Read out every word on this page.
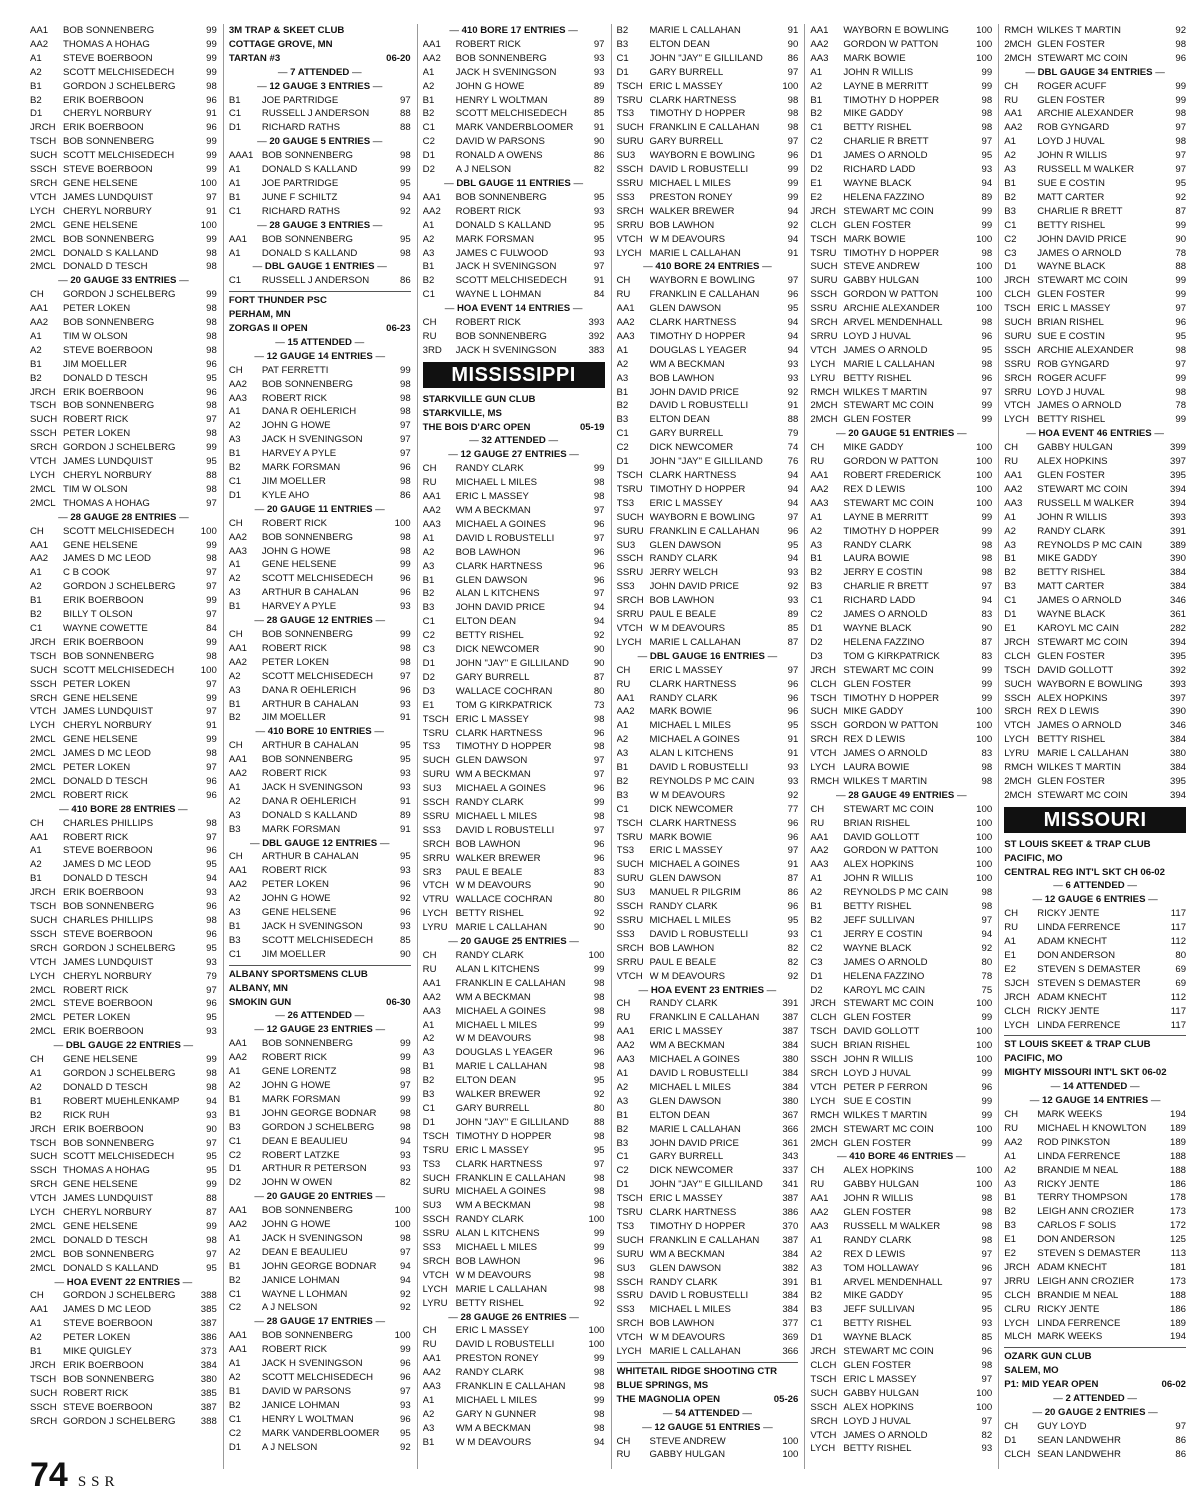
AA1	BOB SONNENBERG	99
AA2	THOMAS A HOHAG	99
A1	STEVE BOERBOON	99
A2	SCOTT MELCHISEDECH	99
B1	GORDON J SCHELBERG	98
B2	ERIK BOERBOON	96
D1	CHERYL NORBURY	91
JRCH ERIK BOERBOON	96
TSCH BOB SONNENBERG	99
SUCH SCOTT MELCHISEDECH	99
SSCH STEVE BOERBOON	99
SRCH GENE HELSENE	100
VTCH JAMES LUNDQUIST	97
LYCH CHERYL NORBURY	91
2MCL GENE HELSENE	100
2MCL BOB SONNENBERG	99
2MCL DONALD S KALLAND	98
2MCL DONALD D TESCH	98
— 20 GAUGE 33 ENTRIES —
CH	GORDON J SCHELBERG	99
AA1	PETER LOKEN	98
AA2	BOB SONNENBERG	98
A1	TIM W OLSON	98
A2	STEVE BOERBOON	98
B1	JIM MOELLER	96
B2	DONALD D TESCH	95
JRCH ERIK BOERBOON	96
TSCH BOB SONNENBERG	98
SUCH ROBERT RICK	97
SSCH PETER LOKEN	98
SRCH GORDON J SCHELBERG	99
VTCH JAMES LUNDQUIST	95
LYCH CHERYL NORBURY	88
2MCL TIM W OLSON	98
2MCL THOMAS A HOHAG	97
— 28 GAUGE 28 ENTRIES —
CH	SCOTT MELCHISEDECH	100
AA1	GENE HELSENE	99
AA2	JAMES D MC LEOD	98
A1	C B COOK	97
A2	GORDON J SCHELBERG	97
B1	ERIK BOERBOON	99
B2	BILLY T OLSON	97
C1	WAYNE COWETTE	84
JRCH ERIK BOERBOON	99
TSCH BOB SONNENBERG	98
SUCH SCOTT MELCHISEDECH	100
SSCH PETER LOKEN	97
SRCH GENE HELSENE	99
VTCH JAMES LUNDQUIST	97
LYCH CHERYL NORBURY	91
2MCL GENE HELSENE	99
2MCL JAMES D MC LEOD	98
2MCL PETER LOKEN	97
2MCL DONALD D TESCH	96
2MCL ROBERT RICK	96
— 410 BORE 28 ENTRIES —
CH	CHARLES PHILLIPS	98
AA1	ROBERT RICK	97
A1	STEVE BOERBOON	96
A2	JAMES D MC LEOD	95
B1	DONALD D TESCH	94
JRCH ERIK BOERBOON	93
TSCH BOB SONNENBERG	96
SUCH CHARLES PHILLIPS	98
SSCH STEVE BOERBOON	96
SRCH GORDON J SCHELBERG	95
VTCH JAMES LUNDQUIST	93
LYCH CHERYL NORBURY	79
2MCL ROBERT RICK	97
2MCL STEVE BOERBOON	96
2MCL PETER LOKEN	95
2MCL ERIK BOERBOON	93
— DBL GAUGE 22 ENTRIES —
CH	GENE HELSENE	99
A1	GORDON J SCHELBERG	98
A2	DONALD D TESCH	98
B1	ROBERT MUEHLENKAMP	94
B2	RICK RUH	93
JRCH ERIK BOERBOON	90
TSCH BOB SONNENBERG	97
SUCH SCOTT MELCHISEDECH	95
SSCH THOMAS A HOHAG	95
SRCH GENE HELSENE	99
VTCH JAMES LUNDQUIST	88
LYCH CHERYL NORBURY	87
2MCL GENE HELSENE	99
2MCL DONALD D TESCH	98
2MCL BOB SONNENBERG	97
2MCL DONALD S KALLAND	95
— HOA EVENT 22 ENTRIES —
CH	GORDON J SCHELBERG	388
AA1	JAMES D MC LEOD	385
A1	STEVE BOERBOON	387
A2	PETER LOKEN	386
B1	MIKE QUIGLEY	373
JRCH ERIK BOERBOON	384
TSCH BOB SONNENBERG	380
SUCH ROBERT RICK	385
SSCH STEVE BOERBOON	387
SRCH GORDON J SCHELBERG	388
3M TRAP & SKEET CLUB
COTTAGE GROVE, MN
TARTAN #3	06-20
— 7 ATTENDED —
— 12 GAUGE 3 ENTRIES —
B1	JOE PARTRIDGE	97
C1	RUSSELL J ANDERSON	88
D1	RICHARD RATHS	88
— 20 GAUGE 5 ENTRIES —
AAA1 BOB SONNENBERG	98
A1	DONALD S KALLAND	99
A1	JOE PARTRIDGE	95
B1	JUNE F SCHILTZ	94
C1	RICHARD RATHS	92
— 28 GAUGE 3 ENTRIES —
AA1	BOB SONNENBERG	95
A1	DONALD S KALLAND	98
— DBL GAUGE 1 ENTRIES —
C1	RUSSELL J ANDERSON	86
FORT THUNDER PSC
PERHAM, MN
ZORGAS II OPEN	06-23
— 15 ATTENDED —
— 12 GAUGE 14 ENTRIES —
CH	PAT FERRETTI	99
AA2	BOB SONNENBERG	98
AA3	ROBERT RICK	98
A1	DANA R OEHLERICH	98
A2	JOHN G HOWE	97
A3	JACK H SVENINGSON	97
B1	HARVEY A PYLE	97
B2	MARK FORSMAN	96
C1	JIM MOELLER	98
D1	KYLE AHO	86
— 20 GAUGE 11 ENTRIES —
CH	ROBERT RICK	100
AA2	BOB SONNENBERG	98
AA3	JOHN G HOWE	98
A1	GENE HELSENE	99
A2	SCOTT MELCHISEDECH	96
A3	ARTHUR B CAHALAN	96
B1	HARVEY A PYLE	93
— 28 GAUGE 12 ENTRIES —
CH	BOB SONNENBERG	99
AA1	ROBERT RICK	98
AA2	PETER LOKEN	98
A2	SCOTT MELCHISEDECH	97
A3	DANA R OEHLERICH	96
B1	ARTHUR B CAHALAN	93
B2	JIM MOELLER	91
— 410 BORE 10 ENTRIES —
CH	ARTHUR B CAHALAN	95
AA1	BOB SONNENBERG	95
AA2	ROBERT RICK	93
A1	JACK H SVENINGSON	93
A2	DANA R OEHLERICH	91
A3	DONALD S KALLAND	89
B3	MARK FORSMAN	91
— DBL GAUGE 12 ENTRIES —
CH	ARTHUR B CAHALAN	95
AA1	ROBERT RICK	93
AA2	PETER LOKEN	96
A2	JOHN G HOWE	92
A3	GENE HELSENE	96
B1	JACK H SVENINGSON	93
B3	SCOTT MELCHISEDECH	85
C1	JIM MOELLER	90
ALBANY SPORTSMENS CLUB
ALBANY, MN
SMOKIN GUN	06-30
— 26 ATTENDED —
— 12 GAUGE 23 ENTRIES —
AA1	BOB SONNENBERG	99
AA2	ROBERT RICK	99
A1	GENE LORENTZ	98
A2	JOHN G HOWE	97
B1	MARK FORSMAN	99
B1	JOHN GEORGE BODNAR	98
B3	GORDON J SCHELBERG	98
C1	DEAN E BEAULIEU	94
C2	ROBERT LATZKE	93
D1	ARTHUR R PETERSON	93
D2	JOHN W OWEN	82
— 20 GAUGE 20 ENTRIES —
AA1	BOB SONNENBERG	100
AA2	JOHN G HOWE	100
A1	JACK H SVENINGSON	98
A2	DEAN E BEAULIEU	97
B1	JOHN GEORGE BODNAR	94
B2	JANICE LOHMAN	94
C1	WAYNE L LOHMAN	92
C2	A J NELSON	92
— 28 GAUGE 17 ENTRIES —
AA1	BOB SONNENBERG	100
AA1	ROBERT RICK	99
A1	JACK H SVENINGSON	96
A2	SCOTT MELCHISEDECH	96
B1	DAVID W PARSONS	97
B2	JANICE LOHMAN	93
C1	HENRY L WOLTMAN	96
C2	MARK VANDERBLOOMER	95
D1	A J NELSON	92
— 410 BORE 17 ENTRIES —
AA1	ROBERT RICK	97
AA2	BOB SONNENBERG	93
A1	JACK H SVENINGSON	93
A2	JOHN G HOWE	89
B1	HENRY L WOLTMAN	89
B2	SCOTT MELCHISEDECH	85
C1	MARK VANDERBLOOMER	91
C2	DAVID W PARSONS	90
D1	RONALD A OWENS	86
D2	A J NELSON	82
— DBL GAUGE 11 ENTRIES —
AA1	BOB SONNENBERG	95
AA2	ROBERT RICK	93
A1	DONALD S KALLAND	95
A2	MARK FORSMAN	95
A3	JAMES C FULWOOD	93
B1	JACK H SVENINGSON	97
B2	SCOTT MELCHISEDECH	91
C1	WAYNE L LOHMAN	84
— HOA EVENT 14 ENTRIES —
CH	ROBERT RICK	393
RU	BOB SONNENBERG	392
3RD	JACK H SVENINGSON	383
MISSISSIPPI
STARKVILLE GUN CLUB
STARKVILLE, MS
THE BOIS D'ARC OPEN	05-19
— 32 ATTENDED —
— 12 GAUGE 27 ENTRIES —
CH	RANDY CLARK	99
RU	MICHAEL L MILES	98
AA1	ERIC L MASSEY	98
AA2	WM A BECKMAN	97
AA3	MICHAEL A GOINES	96
A1	DAVID L ROBUSTELLI	97
A2	BOB LAWHON	96
A3	CLARK HARTNESS	96
B1	GLEN DAWSON	96
B2	ALAN L KITCHENS	97
B3	JOHN DAVID PRICE	94
C1	ELTON DEAN	94
C2	BETTY RISHEL	92
C3	DICK NEWCOMER	90
D1	JOHN "JAY" E GILLILAND	90
D2	GARY BURRELL	87
D3	WALLACE COCHRAN	80
E1	TOM G KIRKPATRICK	73
TSCH ERIC L MASSEY	98
TSRU CLARK HARTNESS	96
TS3	TIMOTHY D HOPPER	98
SUCH GLEN DAWSON	97
SURU WM A BECKMAN	97
SU3	MICHAEL A GOINES	96
SSCH RANDY CLARK	99
SSRU MICHAEL L MILES	98
SS3	DAVID L ROBUSTELLI	97
SRCH BOB LAWHON	96
SRRU WALKER BREWER	96
SR3	PAUL E BEALE	83
VTCH W M DEAVOURS	90
VTRU WALLACE COCHRAN	80
LYCH BETTY RISHEL	92
LYRU MARIE L CALLAHAN	90
— 20 GAUGE 25 ENTRIES —
CH	RANDY CLARK	100
RU	ALAN L KITCHENS	99
AA1	FRANKLIN E CALLAHAN	98
AA2	WM A BECKMAN	98
AA3	MICHAEL A GOINES	98
A1	MICHAEL L MILES	99
A2	W M DEAVOURS	98
A3	DOUGLAS L YEAGER	96
B1	MARIE L CALLAHAN	98
B2	ELTON DEAN	95
B3	WALKER BREWER	92
C1	GARY BURRELL	80
D1	JOHN "JAY" E GILLILAND	88
TSCH TIMOTHY D HOPPER	98
TSRU ERIC L MASSEY	95
TS3	CLARK HARTNESS	97
SUCH FRANKLIN E CALLAHAN	98
SURU MICHAEL A GOINES	98
SU3	WM A BECKMAN	98
SSCH RANDY CLARK	100
SSRU ALAN L KITCHENS	99
SS3	MICHAEL L MILES	99
SRCH BOB LAWHON	96
VTCH W M DEAVOURS	98
LYCH MARIE L CALLAHAN	98
LYRU BETTY RISHEL	92
— 28 GAUGE 26 ENTRIES —
CH	ERIC L MASSEY	100
RU	DAVID L ROBUSTELLI	100
AA1	PRESTON RONEY	99
AA2	RANDY CLARK	98
AA3	FRANKLIN E CALLAHAN	98
A1	MICHAEL L MILES	99
A2	GARY N GUNNER	98
A3	WM A BECKMAN	98
B1	W M DEAVOURS	94
B2	MARIE L CALLAHAN	91
B3	ELTON DEAN	90
C1	JOHN "JAY" E GILLILAND	86
D1	GARY BURRELL	97
TSCH ERIC L MASSEY	100
TSRU CLARK HARTNESS	98
TS3	TIMOTHY D HOPPER	98
SUCH FRANKLIN E CALLAHAN	98
SURU GARY BURRELL	97
SU3	WAYBORN E BOWLING	96
SSCH DAVID L ROBUSTELLI	99
SSRU MICHAEL L MILES	99
SS3	PRESTON RONEY	99
SRCH WALKER BREWER	94
SRRU BOB LAWHON	92
VTCH W M DEAVOURS	94
LYCH MARIE L CALLAHAN	91
— 410 BORE 24 ENTRIES —
CH	WAYBORN E BOWLING	97
RU	FRANKLIN E CALLAHAN	96
AA1	GLEN DAWSON	95
AA2	CLARK HARTNESS	94
AA3	TIMOTHY D HOPPER	94
A1	DOUGLAS L YEAGER	94
A2	WM A BECKMAN	93
A3	BOB LAWHON	93
B1	JOHN DAVID PRICE	92
B2	DAVID L ROBUSTELLI	91
B3	ELTON DEAN	88
C1	GARY BURRELL	79
C2	DICK NEWCOMER	74
D1	JOHN "JAY" E GILLILAND	76
TSCH CLARK HARTNESS	94
TSRU TIMOTHY D HOPPER	94
TS3	ERIC L MASSEY	94
SUCH WAYBORN E BOWLING	97
SURU FRANKLIN E CALLAHAN	96
SU3	GLEN DAWSON	95
SSCH RANDY CLARK	94
SSRU JERRY WELCH	93
SS3	JOHN DAVID PRICE	92
SRCH BOB LAWHON	93
SRRU PAUL E BEALE	89
VTCH W M DEAVOURS	85
LYCH MARIE L CALLAHAN	87
— DBL GAUGE 16 ENTRIES —
CH	ERIC L MASSEY	97
RU	CLARK HARTNESS	96
AA1	RANDY CLARK	96
AA2	MARK BOWIE	96
A1	MICHAEL L MILES	95
A2	MICHAEL A GOINES	91
A3	ALAN L KITCHENS	91
B1	DAVID L ROBUSTELLI	93
B2	REYNOLDS P MC CAIN	93
B3	W M DEAVOURS	92
C1	DICK NEWCOMER	77
TSCH CLARK HARTNESS	96
TSRU MARK BOWIE	96
TS3	ERIC L MASSEY	97
SUCH MICHAEL A GOINES	91
SURU GLEN DAWSON	87
SU3	MANUEL R PILGRIM	86
SSCH RANDY CLARK	96
SSRU MICHAEL L MILES	95
SS3	DAVID L ROBUSTELLI	93
SRCH BOB LAWHON	82
SRRU PAUL E BEALE	82
VTCH W M DEAVOURS	92
— HOA EVENT 23 ENTRIES —
CH	RANDY CLARK	391
RU	FRANKLIN E CALLAHAN	387
AA1	ERIC L MASSEY	387
AA2	WM A BECKMAN	384
AA3	MICHAEL A GOINES	380
A1	DAVID L ROBUSTELLI	384
A2	MICHAEL L MILES	384
A3	GLEN DAWSON	380
B1	ELTON DEAN	367
B2	MARIE L CALLAHAN	366
B3	JOHN DAVID PRICE	361
C1	GARY BURRELL	343
C2	DICK NEWCOMER	337
D1	JOHN "JAY" E GILLILAND	341
TSCH ERIC L MASSEY	387
TSRU CLARK HARTNESS	386
TS3	TIMOTHY D HOPPER	370
SUCH FRANKLIN E CALLAHAN	387
SURU WM A BECKMAN	384
SU3	GLEN DAWSON	382
SSCH RANDY CLARK	391
SSRU DAVID L ROBUSTELLI	384
SS3	MICHAEL L MILES	384
SRCH BOB LAWHON	377
VTCH W M DEAVOURS	369
LYCH MARIE L CALLAHAN	366
WHITETAIL RIDGE SHOOTING CTR
BLUE SPRINGS, MS
THE MAGNOLIA OPEN	05-26
— 54 ATTENDED —
— 12 GAUGE 51 ENTRIES —
CH	STEVE ANDREW	100
RU	GABBY HULGAN	100
AA1	WAYBORN E BOWLING	100
AA2	GORDON W PATTON	100
AA3	MARK BOWIE	100
A1	JOHN R WILLIS	99
A2	LAYNE B MERRITT	99
B1	TIMOTHY D HOPPER	98
B2	MIKE GADDY	98
C1	BETTY RISHEL	98
C2	CHARLIE R BRETT	97
D1	JAMES O ARNOLD	95
D2	RICHARD LADD	93
E1	WAYNE BLACK	94
E2	HELENA FAZZINO	89
JRCH STEWART MC COIN	99
CLCH GLEN FOSTER	99
TSCH MARK BOWIE	100
TSRU TIMOTHY D HOPPER	98
SUCH STEVE ANDREW	100
SURU GABBY HULGAN	100
SSCH GORDON W PATTON	100
SSRU ARCHIE ALEXANDER	100
SRCH ARVEL MENDENHALL	98
SRRU LOYD J HUVAL	96
VTCH JAMES O ARNOLD	95
LYCH MARIE L CALLAHAN	98
LYRU BETTY RISHEL	96
RMCH WILKES T MARTIN	97
2MCH STEWART MC COIN	99
2MCH GLEN FOSTER	99
— 20 GAUGE 51 ENTRIES —
CH	MIKE GADDY	100
RU	GORDON W PATTON	100
AA1	ROBERT FREDERICK	100
AA2	REX D LEWIS	100
AA3	STEWART MC COIN	100
A1	LAYNE B MERRITT	99
A2	TIMOTHY D HOPPER	99
A3	RANDY CLARK	98
B1	LAURA BOWIE	98
B2	JERRY E COSTIN	98
B3	CHARLIE R BRETT	97
C1	RICHARD LADD	94
C2	JAMES O ARNOLD	83
D1	WAYNE BLACK	90
D2	HELENA FAZZINO	87
D3	TOM G KIRKPATRICK	83
JRCH STEWART MC COIN	99
CLCH GLEN FOSTER	99
TSCH TIMOTHY D HOPPER	99
SUCH MIKE GADDY	100
SSCH GORDON W PATTON	100
SRCH REX D LEWIS	100
VTCH JAMES O ARNOLD	83
LYCH LAURA BOWIE	98
RMCH WILKES T MARTIN	98
— 28 GAUGE 49 ENTRIES —
CH	STEWART MC COIN	100
RU	BRIAN RISHEL	100
AA1	DAVID GOLLOTT	100
AA2	GORDON W PATTON	100
AA3	ALEX HOPKINS	100
A1	JOHN R WILLIS	100
A2	REYNOLDS P MC CAIN	98
B1	BETTY RISHEL	98
B2	JEFF SULLIVAN	97
C1	JERRY E COSTIN	94
C2	WAYNE BLACK	92
C3	JAMES O ARNOLD	80
D1	HELENA FAZZINO	78
D2	KAROYL MC CAIN	75
JRCH STEWART MC COIN	100
CLCH GLEN FOSTER	99
TSCH DAVID GOLLOTT	100
SUCH BRIAN RISHEL	100
SSCH JOHN R WILLIS	100
SRCH LOYD J HUVAL	99
VTCH PETER P FERRON	96
LYCH SUE E COSTIN	99
RMCH WILKES T MARTIN	99
2MCH STEWART MC COIN	100
2MCH GLEN FOSTER	99
— 410 BORE 46 ENTRIES —
CH	ALEX HOPKINS	100
RU	GABBY HULGAN	100
AA1	JOHN R WILLIS	98
AA2	GLEN FOSTER	98
AA3	RUSSELL M WALKER	98
A1	RANDY CLARK	98
A2	REX D LEWIS	97
A3	TOM HOLLAWAY	96
B1	ARVEL MENDENHALL	97
B2	MIKE GADDY	95
B3	JEFF SULLIVAN	95
C1	BETTY RISHEL	93
D1	WAYNE BLACK	85
JRCH STEWART MC COIN	96
CLCH GLEN FOSTER	98
TSCH ERIC L MASSEY	97
SUCH GABBY HULGAN	100
SSCH ALEX HOPKINS	100
SRCH LOYD J HUVAL	97
VTCH JAMES O ARNOLD	82
LYCH BETTY RISHEL	93
RMCH WILKES T MARTIN	92
2MCH GLEN FOSTER	98
2MCH STEWART MC COIN	96
— DBL GAUGE 34 ENTRIES —
CH	ROGER ACUFF	99
RU	GLEN FOSTER	99
AA1	ARCHIE ALEXANDER	98
AA2	ROB GYNGARD	97
A1	LOYD J HUVAL	98
A2	JOHN R WILLIS	97
A3	RUSSELL M WALKER	97
B1	SUE E COSTIN	95
B2	MATT CARTER	92
B3	CHARLIE R BRETT	87
C1	BETTY RISHEL	99
C2	JOHN DAVID PRICE	90
C3	JAMES O ARNOLD	78
D1	WAYNE BLACK	88
JRCH STEWART MC COIN	99
CLCH GLEN FOSTER	99
TSCH ERIC L MASSEY	97
SUCH BRIAN RISHEL	96
SURU SUE E COSTIN	95
SSCH ARCHIE ALEXANDER	98
SSRU ROB GYNGARD	97
SRCH ROGER ACUFF	99
SRRU LOYD J HUVAL	98
VTCH JAMES O ARNOLD	78
LYCH BETTY RISHEL	99
— HOA EVENT 46 ENTRIES —
CH	GABBY HULGAN	399
RU	ALEX HOPKINS	397
AA1	GLEN FOSTER	395
AA2	STEWART MC COIN	394
AA3	RUSSELL M WALKER	394
A1	JOHN R WILLIS	393
A2	RANDY CLARK	391
A3	REYNOLDS P MC CAIN	389
B1	MIKE GADDY	390
B2	BETTY RISHEL	384
B3	MATT CARTER	384
C1	JAMES O ARNOLD	346
D1	WAYNE BLACK	361
E1	KAROYL MC CAIN	282
JRCH STEWART MC COIN	394
CLCH GLEN FOSTER	395
TSCH DAVID GOLLOTT	392
SUCH WAYBORN E BOWLING	393
SSCH ALEX HOPKINS	397
SRCH REX D LEWIS	390
VTCH JAMES O ARNOLD	346
LYCH BETTY RISHEL	384
LYRU MARIE L CALLAHAN	380
RMCH WILKES T MARTIN	384
2MCH GLEN FOSTER	395
2MCH STEWART MC COIN	394
MISSOURI
ST LOUIS SKEET & TRAP CLUB
PACIFIC, MO
CENTRAL REG INT'L SKT CH 06-02
— 6 ATTENDED —
— 12 GAUGE 6 ENTRIES —
CH	RICKY JENTE	117
RU	LINDA FERRENCE	117
A1	ADAM KNECHT	112
E1	DON ANDERSON	80
E2	STEVEN S DEMASTER	69
SJCH STEVEN S DEMASTER	69
JRCH ADAM KNECHT	112
CLCH RICKY JENTE	117
LYCH LINDA FERRENCE	117
ST LOUIS SKEET & TRAP CLUB
PACIFIC, MO
MIGHTY MISSOURI INT'L SKT 06-02
— 14 ATTENDED —
— 12 GAUGE 14 ENTRIES —
CH	MARK WEEKS	194
RU	MICHAEL H KNOWLTON	189
AA2	ROD PINKSTON	189
A1	LINDA FERRENCE	188
A2	BRANDIE M NEAL	188
A3	RICKY JENTE	186
B1	TERRY THOMPSON	178
B2	LEIGH ANN CROZIER	173
B3	CARLOS F SOLIS	172
E1	DON ANDERSON	125
E2	STEVEN S DEMASTER	113
JRCH ADAM KNECHT	181
JRRU LEIGH ANN CROZIER	173
CLCH BRANDIE M NEAL	188
CLRU RICKY JENTE	186
LYCH LINDA FERRENCE	189
MLCH MARK WEEKS	194
OZARK GUN CLUB
SALEM, MO
P1: MID YEAR OPEN	06-02
— 2 ATTENDED —
— 20 GAUGE 2 ENTRIES —
CH	GUY LOYD	97
D1	SEAN LANDWEHR	86
CLCH SEAN LANDWEHR	86
74 SSR
